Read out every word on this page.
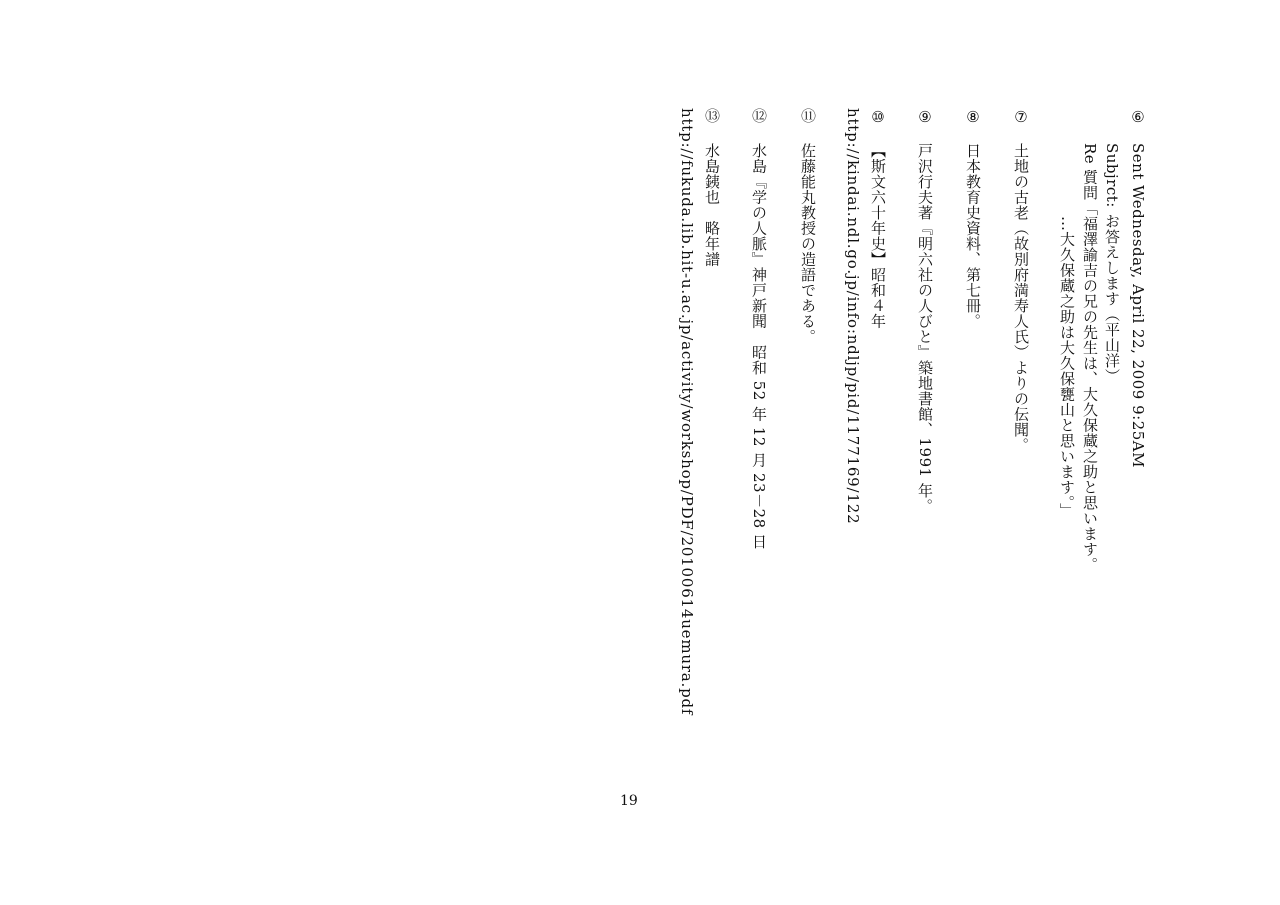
⑥
Sent Wednesday, April 22, 2009 9:25AM
Subjrct: お答えします（平山洋）
Re 質問「福澤諭吉の兄の先生は、大久保蔵之助と思います。
…大久保蔵之助は大久保甕山と思います。」
⑦
土地の古老（故別府満寿人氏）よりの伝聞。
⑧
日本教育史資料、第七冊。
⑨
戸沢行夫著『明六社の人びと』築地書館、1991 年。
⑩
【斯文六十年史】昭和４年
http://kindai.ndl.go.jp/info:ndljp/pid/1177169/122
⑪
佐藤能丸教授の造語である。
⑫
水島『学の人脈』神戸新聞　昭和 52 年 12 月 23－28 日
⑬
水島銕也　略年譜
http://fukuda.lib.hit-u.ac.jp/activity/workshop/PDF/20100614uemura.pdf
19
